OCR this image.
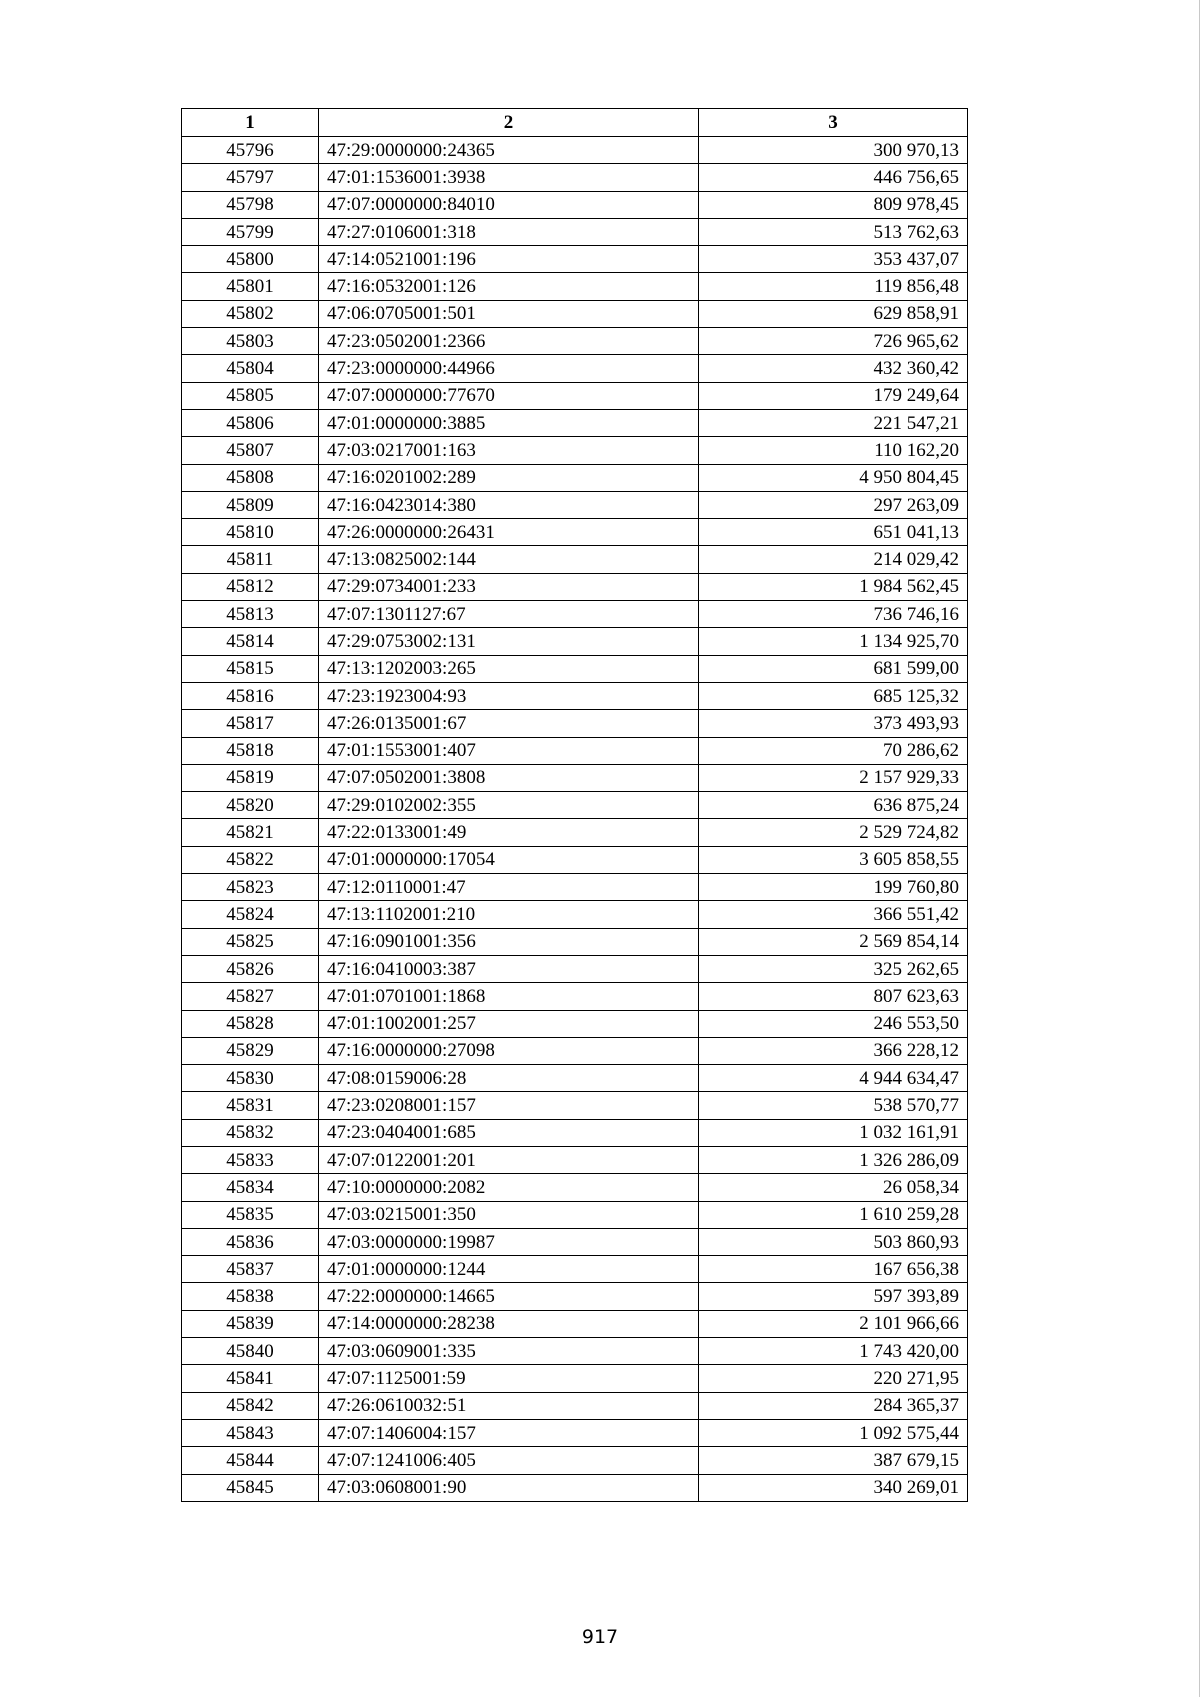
1	2	3
45796	47:29:0000000:24365	300 970,13
45797	47:01:1536001:3938	446 756,65
45798	47:07:0000000:84010	809 978,45
45799	47:27:0106001:318	513 762,63
45800	47:14:0521001:196	353 437,07
45801	47:16:0532001:126	119 856,48
45802	47:06:0705001:501	629 858,91
45803	47:23:0502001:2366	726 965,62
45804	47:23:0000000:44966	432 360,42
45805	47:07:0000000:77670	179 249,64
45806	47:01:0000000:3885	221 547,21
45807	47:03:0217001:163	110 162,20
45808	47:16:0201002:289	4 950 804,45
45809	47:16:0423014:380	297 263,09
45810	47:26:0000000:26431	651 041,13
45811	47:13:0825002:144	214 029,42
45812	47:29:0734001:233	1 984 562,45
45813	47:07:1301127:67	736 746,16
45814	47:29:0753002:131	1 134 925,70
45815	47:13:1202003:265	681 599,00
45816	47:23:1923004:93	685 125,32
45817	47:26:0135001:67	373 493,93
45818	47:01:1553001:407	70 286,62
45819	47:07:0502001:3808	2 157 929,33
45820	47:29:0102002:355	636 875,24
45821	47:22:0133001:49	2 529 724,82
45822	47:01:0000000:17054	3 605 858,55
45823	47:12:0110001:47	199 760,80
45824	47:13:1102001:210	366 551,42
45825	47:16:0901001:356	2 569 854,14
45826	47:16:0410003:387	325 262,65
45827	47:01:0701001:1868	807 623,63
45828	47:01:1002001:257	246 553,50
45829	47:16:0000000:27098	366 228,12
45830	47:08:0159006:28	4 944 634,47
45831	47:23:0208001:157	538 570,77
45832	47:23:0404001:685	1 032 161,91
45833	47:07:0122001:201	1 326 286,09
45834	47:10:0000000:2082	26 058,34
45835	47:03:0215001:350	1 610 259,28
45836	47:03:0000000:19987	503 860,93
45837	47:01:0000000:1244	167 656,38
45838	47:22:0000000:14665	597 393,89
45839	47:14:0000000:28238	2 101 966,66
45840	47:03:0609001:335	1 743 420,00
45841	47:07:1125001:59	220 271,95
45842	47:26:0610032:51	284 365,37
45843	47:07:1406004:157	1 092 575,44
45844	47:07:1241006:405	387 679,15
45845	47:03:0608001:90	340 269,01
917
